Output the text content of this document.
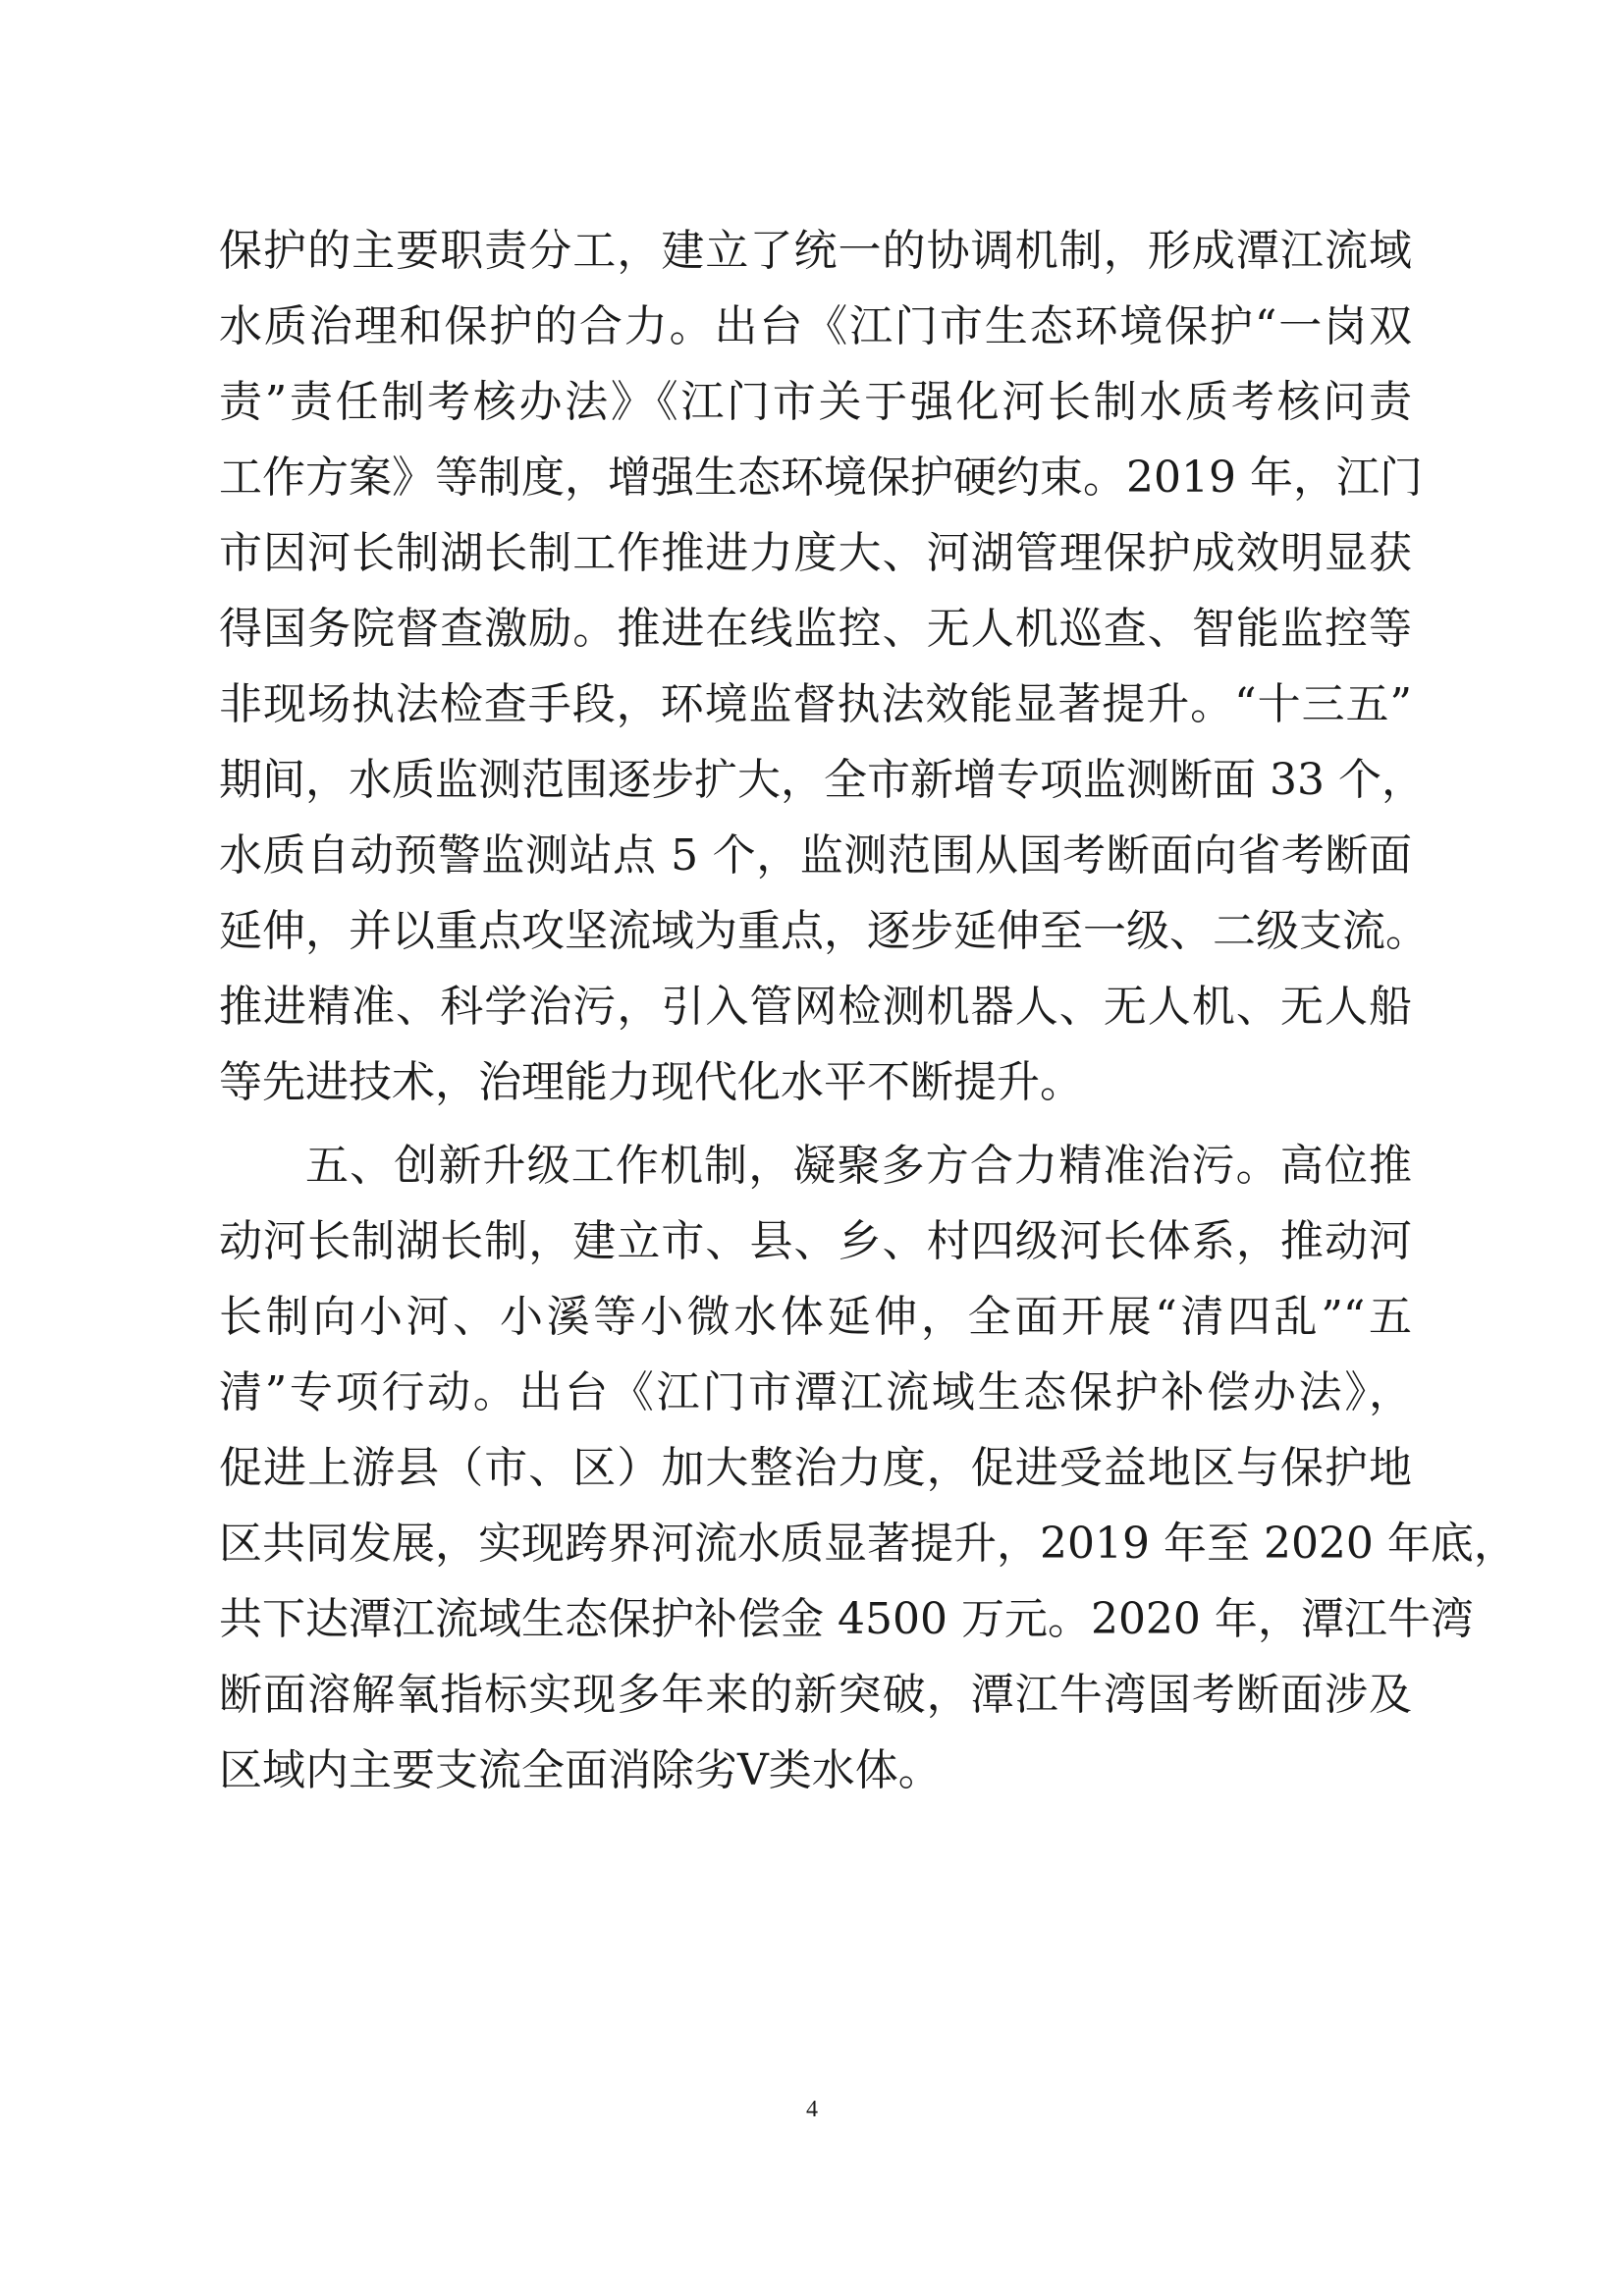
保护的主要职责分工，建立了统一的协调机制，形成潭江流域
水质治理和保护的合力。出台《江门市生态环境保护“一岗双
责”责任制考核办法》《江门市关于强化河长制水质考核问责
工作方案》等制度，增强生态环境保护硬约束。2019 年，江门
市因河长制湖长制工作推进力度大、河湖管理保护成效明显获
得国务院督查激励。推进在线监控、无人机巡查、智能监控等
非现场执法检查手段，环境监督执法效能显著提升。“十三五”
期间，水质监测范围逐步扩大，全市新增专项监测断面 33 个，
水质自动预警监测站点 5 个，监测范围从国考断面向省考断面
延伸，并以重点攻坚流域为重点，逐步延伸至一级、二级支流。
推进精准、科学治污，引入管网检测机器人、无人机、无人船
等先进技术，治理能力现代化水平不断提升。
五、创新升级工作机制，凝聚多方合力精准治污。高位推
动河长制湖长制，建立市、县、乡、村四级河长体系，推动河
长制向小河、小溪等小微水体延伸，全面开展“清四乱”“五
清”专项行动。出台《江门市潭江流域生态保护补偿办法》，
促进上游县（市、区）加大整治力度，促进受益地区与保护地
区共同发展，实现跨界河流水质显著提升，2019 年至 2020 年底，
共下达潭江流域生态保护补偿金 4500 万元。2020 年，潭江牛湾
断面溶解氧指标实现多年来的新突破，潭江牛湾国考断面涉及
区域内主要支流全面消除劣Ⅴ类水体。
4
